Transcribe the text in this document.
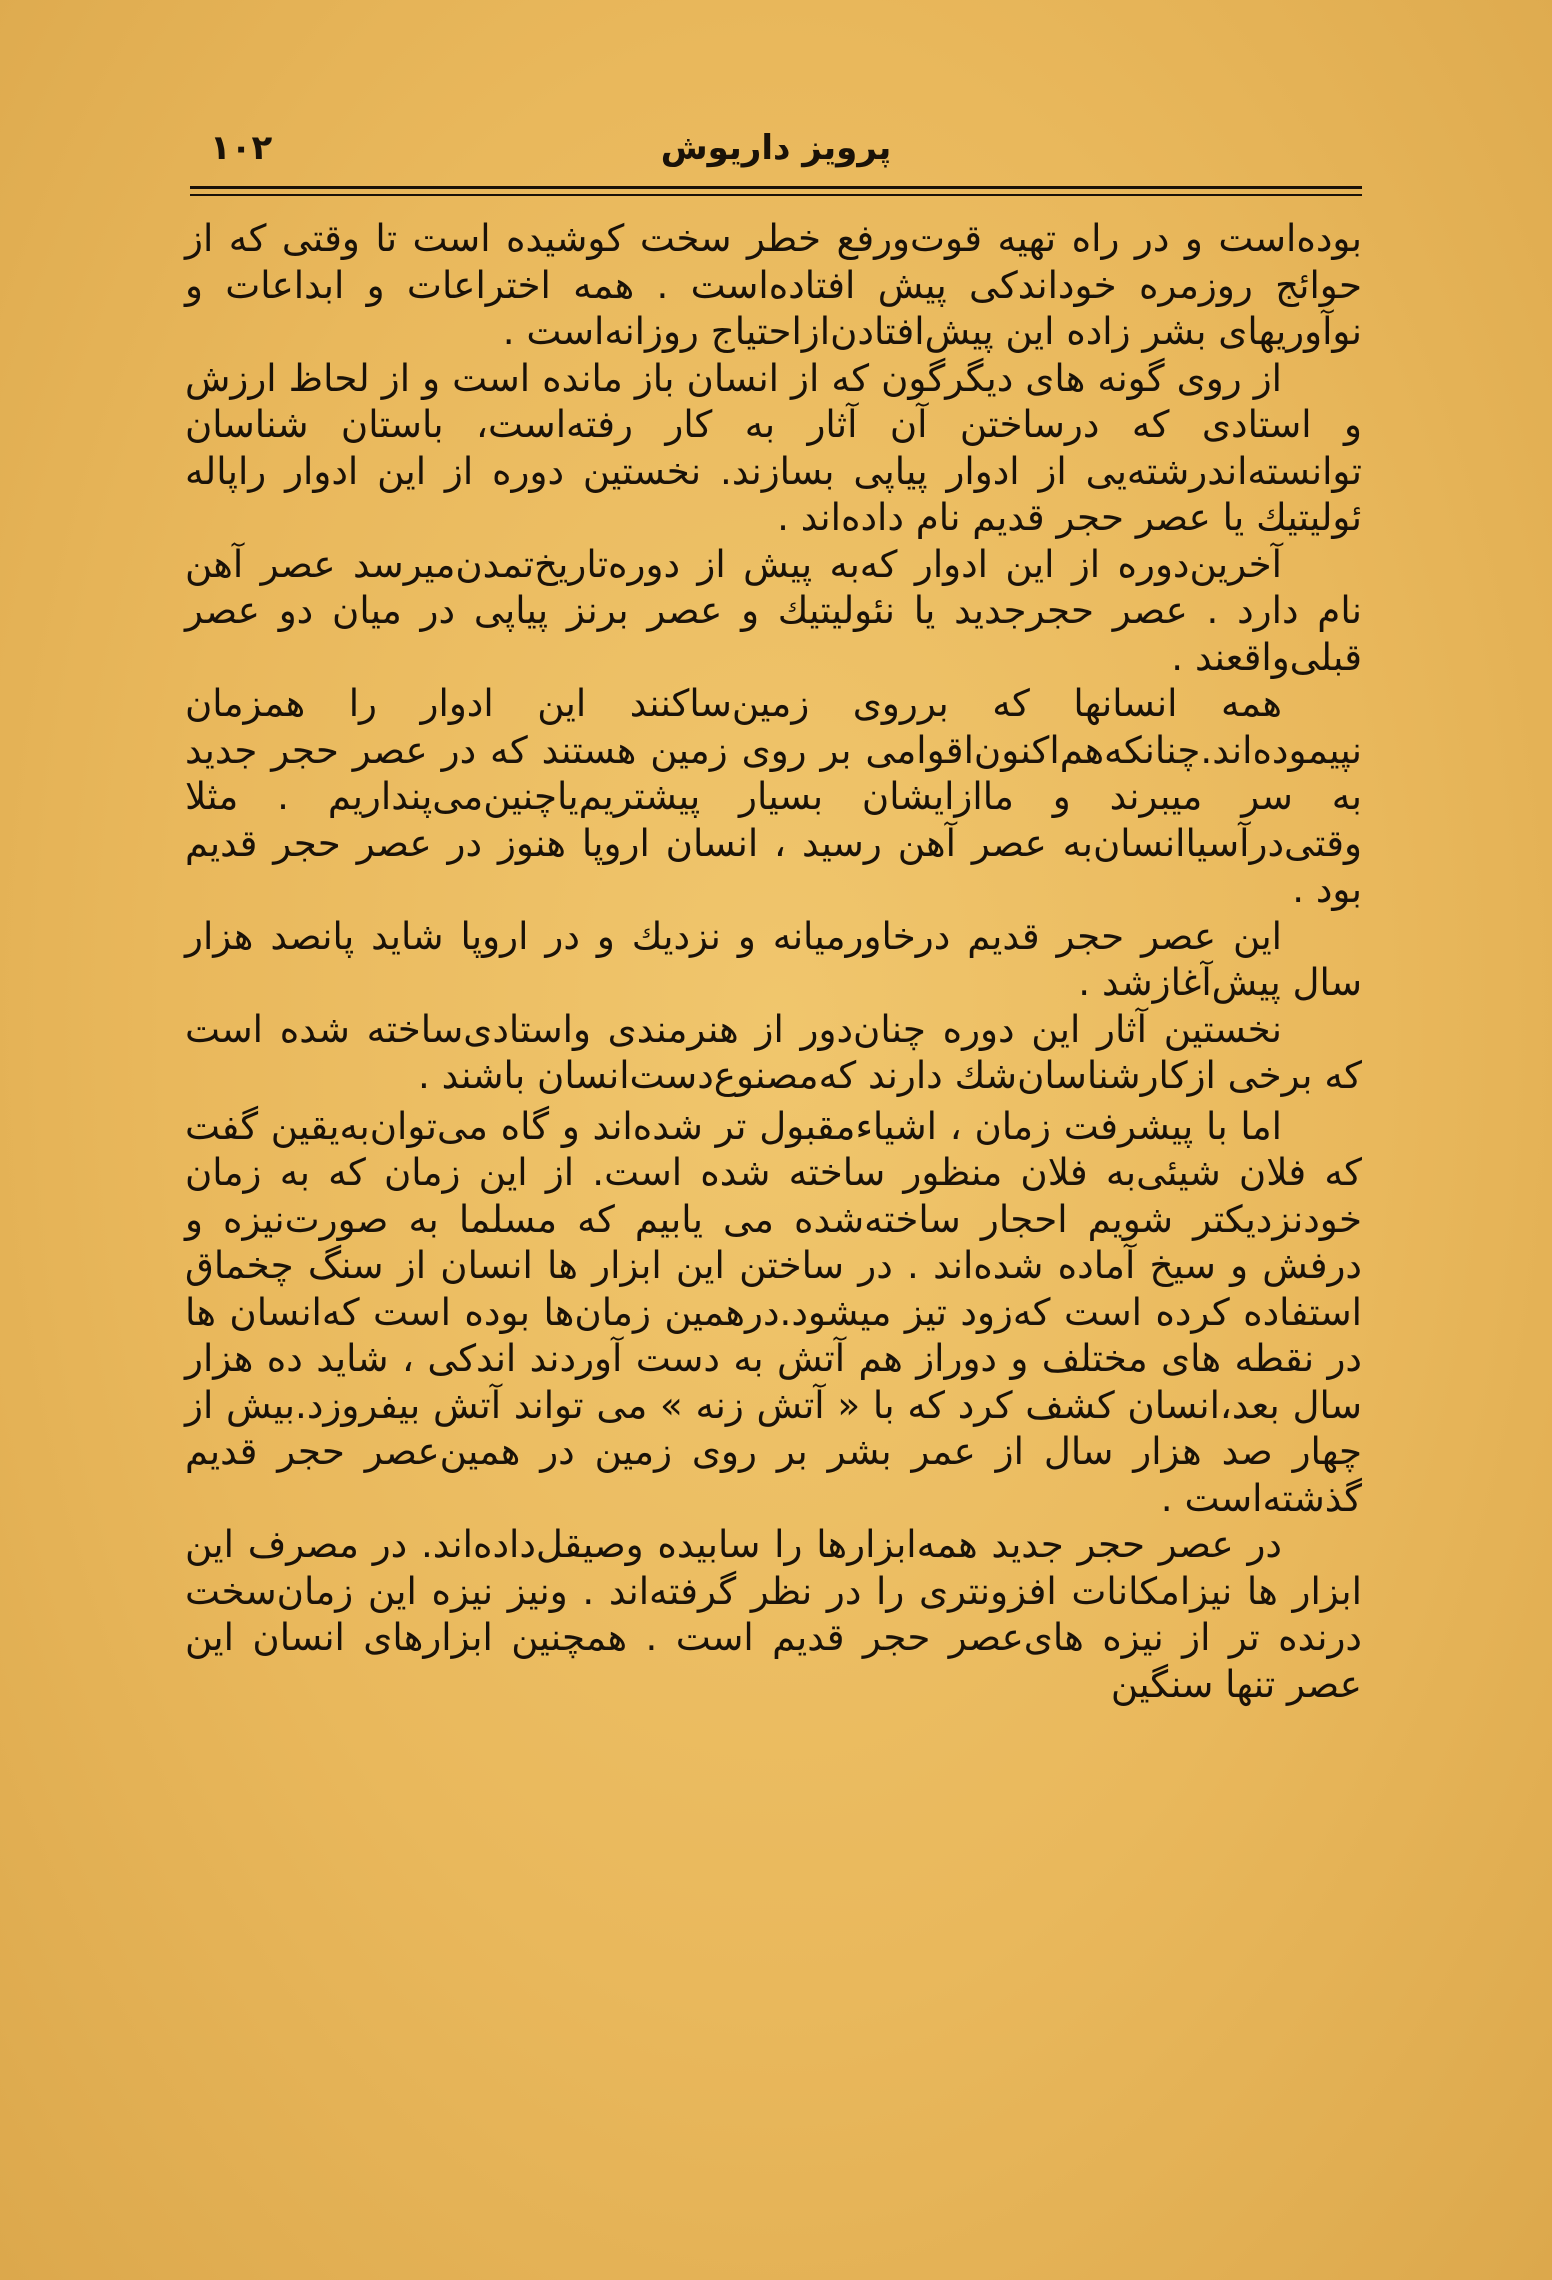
پرویز داریوش
۱۰۲

بوده‌است و در راه تهیه قوت‌ورفع خطر سخت کوشیده است تا وقتی که از حوائج روزمره خوداندکی پیش افتاده‌است . همه اختراعات و ابداعات و نوآوریهای بشر زاده این پیش‌افتادن‌ازاحتیاج روزانه‌است .

از روی گونه های دیگرگون که از انسان باز مانده است و از لحاظ ارزش و استادی که درساختن آن آثار به کار رفته‌است، باستان شناسان توانسته‌اندرشته‌یی از ادوار پیاپی بسازند. نخستین دوره از این ادوار راپاله ئولیتیك یا عصر حجر قدیم نام داده‌اند .

آخرین‌دوره از این ادوار که‌به پیش از دوره‌تاریخ‌تمدن‌میرسد عصر آهن نام دارد . عصر حجرجدید یا نئولیتیك و عصر برنز پیاپی در میان دو عصر قبلی‌واقعند .

همه انسانها که برروی زمین‌ساکنند این ادوار را همزمان نپیموده‌اند.چنانکه‌هم‌اکنون‌اقوامی بر روی زمین هستند که در عصر حجر جدید به سر میبرند و ماازایشان بسیار پیشتریم‌یاچنین‌می‌پنداریم . مثلا وقتی‌درآسیاانسان‌به عصر آهن رسید ، انسان اروپا هنوز در عصر حجر قدیم بود .

این عصر حجر قدیم درخاورمیانه و نزدیك و در اروپا شاید پانصد هزار سال پیش‌آغاز‌شد .

نخستین آثار این دوره چنان‌دور از هنرمندی واستادی‌ساخته شده است که برخی ازکارشناسان‌شك دارند که‌مصنوع‌دست‌انسان باشند .

اما با پیشرفت زمان ، اشیاءمقبول تر شده‌اند و گاه می‌توان‌به‌یقین گفت که فلان شیئی‌به فلان منظور ساخته شده است. از این زمان که به زمان خودنزدیکتر شویم احجار ساخته‌شده می یابیم که مسلما به صورت‌نیزه و درفش و سیخ آماده شده‌اند . در ساختن این ابزار ها انسان از سنگ چخماق استفاده کرده است که‌زود تیز میشود.درهمین زمان‌ها بوده است که‌انسان ها در نقطه های مختلف و دوراز هم آتش به دست آوردند اندکی ، شاید ده هزار سال بعد،انسان کشف کرد که با « آتش زنه » می تواند آتش بیفروزد.بیش از چهار صد هزار سال از عمر بشر بر روی زمین در همین‌عصر حجر قدیم گذشته‌است .

در عصر حجر جدید همه‌ابزارها را سابیده وصیقل‌داده‌اند. در مصرف این ابزار ها نیزامکانات افزونتری را در نظر گرفته‌اند . ونیز نیزه این زمان‌سخت درنده تر از نیزه های‌عصر حجر قدیم است . همچنین ابزارهای انسان این عصر تنها سنگین
